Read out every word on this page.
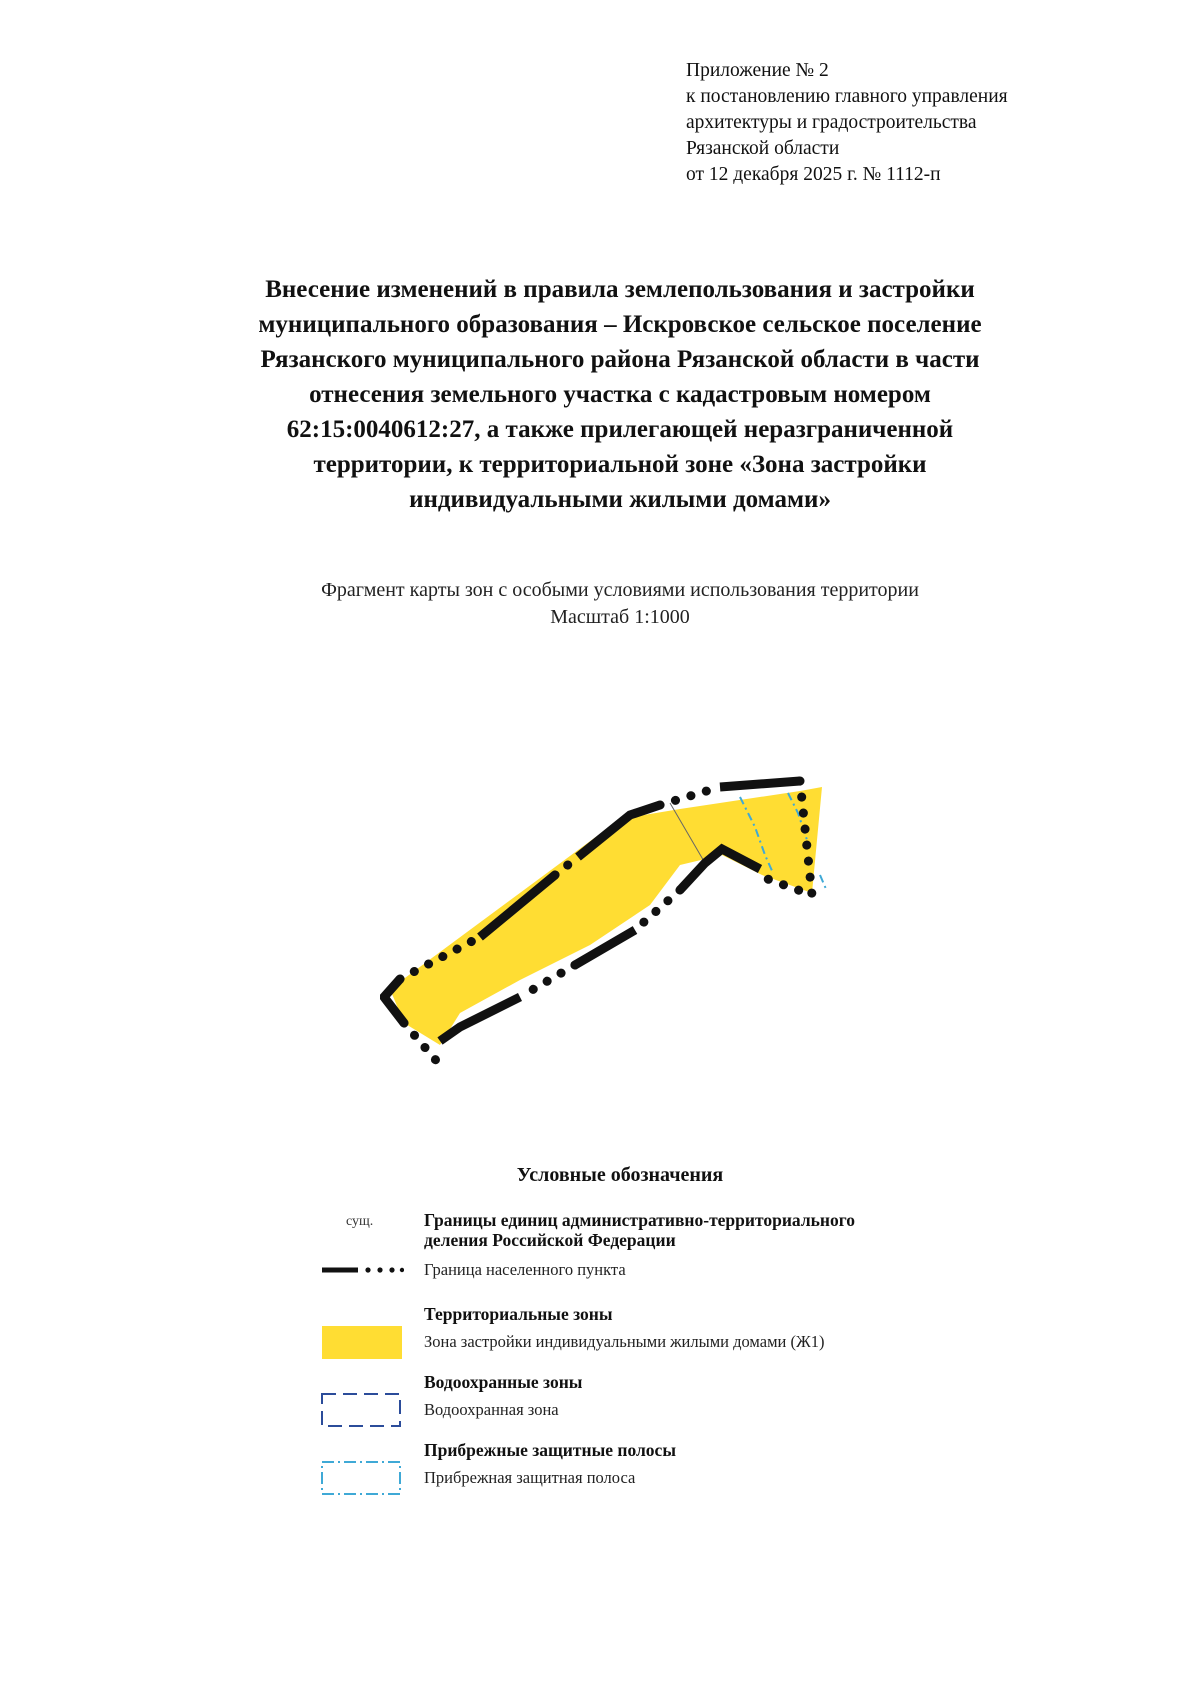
Приложение № 2
к постановлению главного управления
архитектуры и градостроительства
Рязанской области
от 12 декабря 2025 г. № 1112-п
Внесение изменений в правила землепользования и застройки
муниципального образования – Искровское сельское поселение
Рязанского муниципального района Рязанской области в части
отнесения земельного участка с кадастровым номером
62:15:0040612:27, а также прилегающей неразграниченной
территории, к территориальной зоне «Зона застройки
индивидуальными жилыми домами»
Фрагмент карты зон с особыми условиями использования территории
Масштаб 1:1000
Условные обозначения
сущ.	Границы единиц административно-территориального
деления Российской Федерации
Граница населенного пункта
Территориальные зоны
Зона застройки индивидуальными жилыми домами (Ж1)
Водоохранные зоны
Водоохранная зона
Прибрежные защитные полосы
Прибрежная защитная полоса
